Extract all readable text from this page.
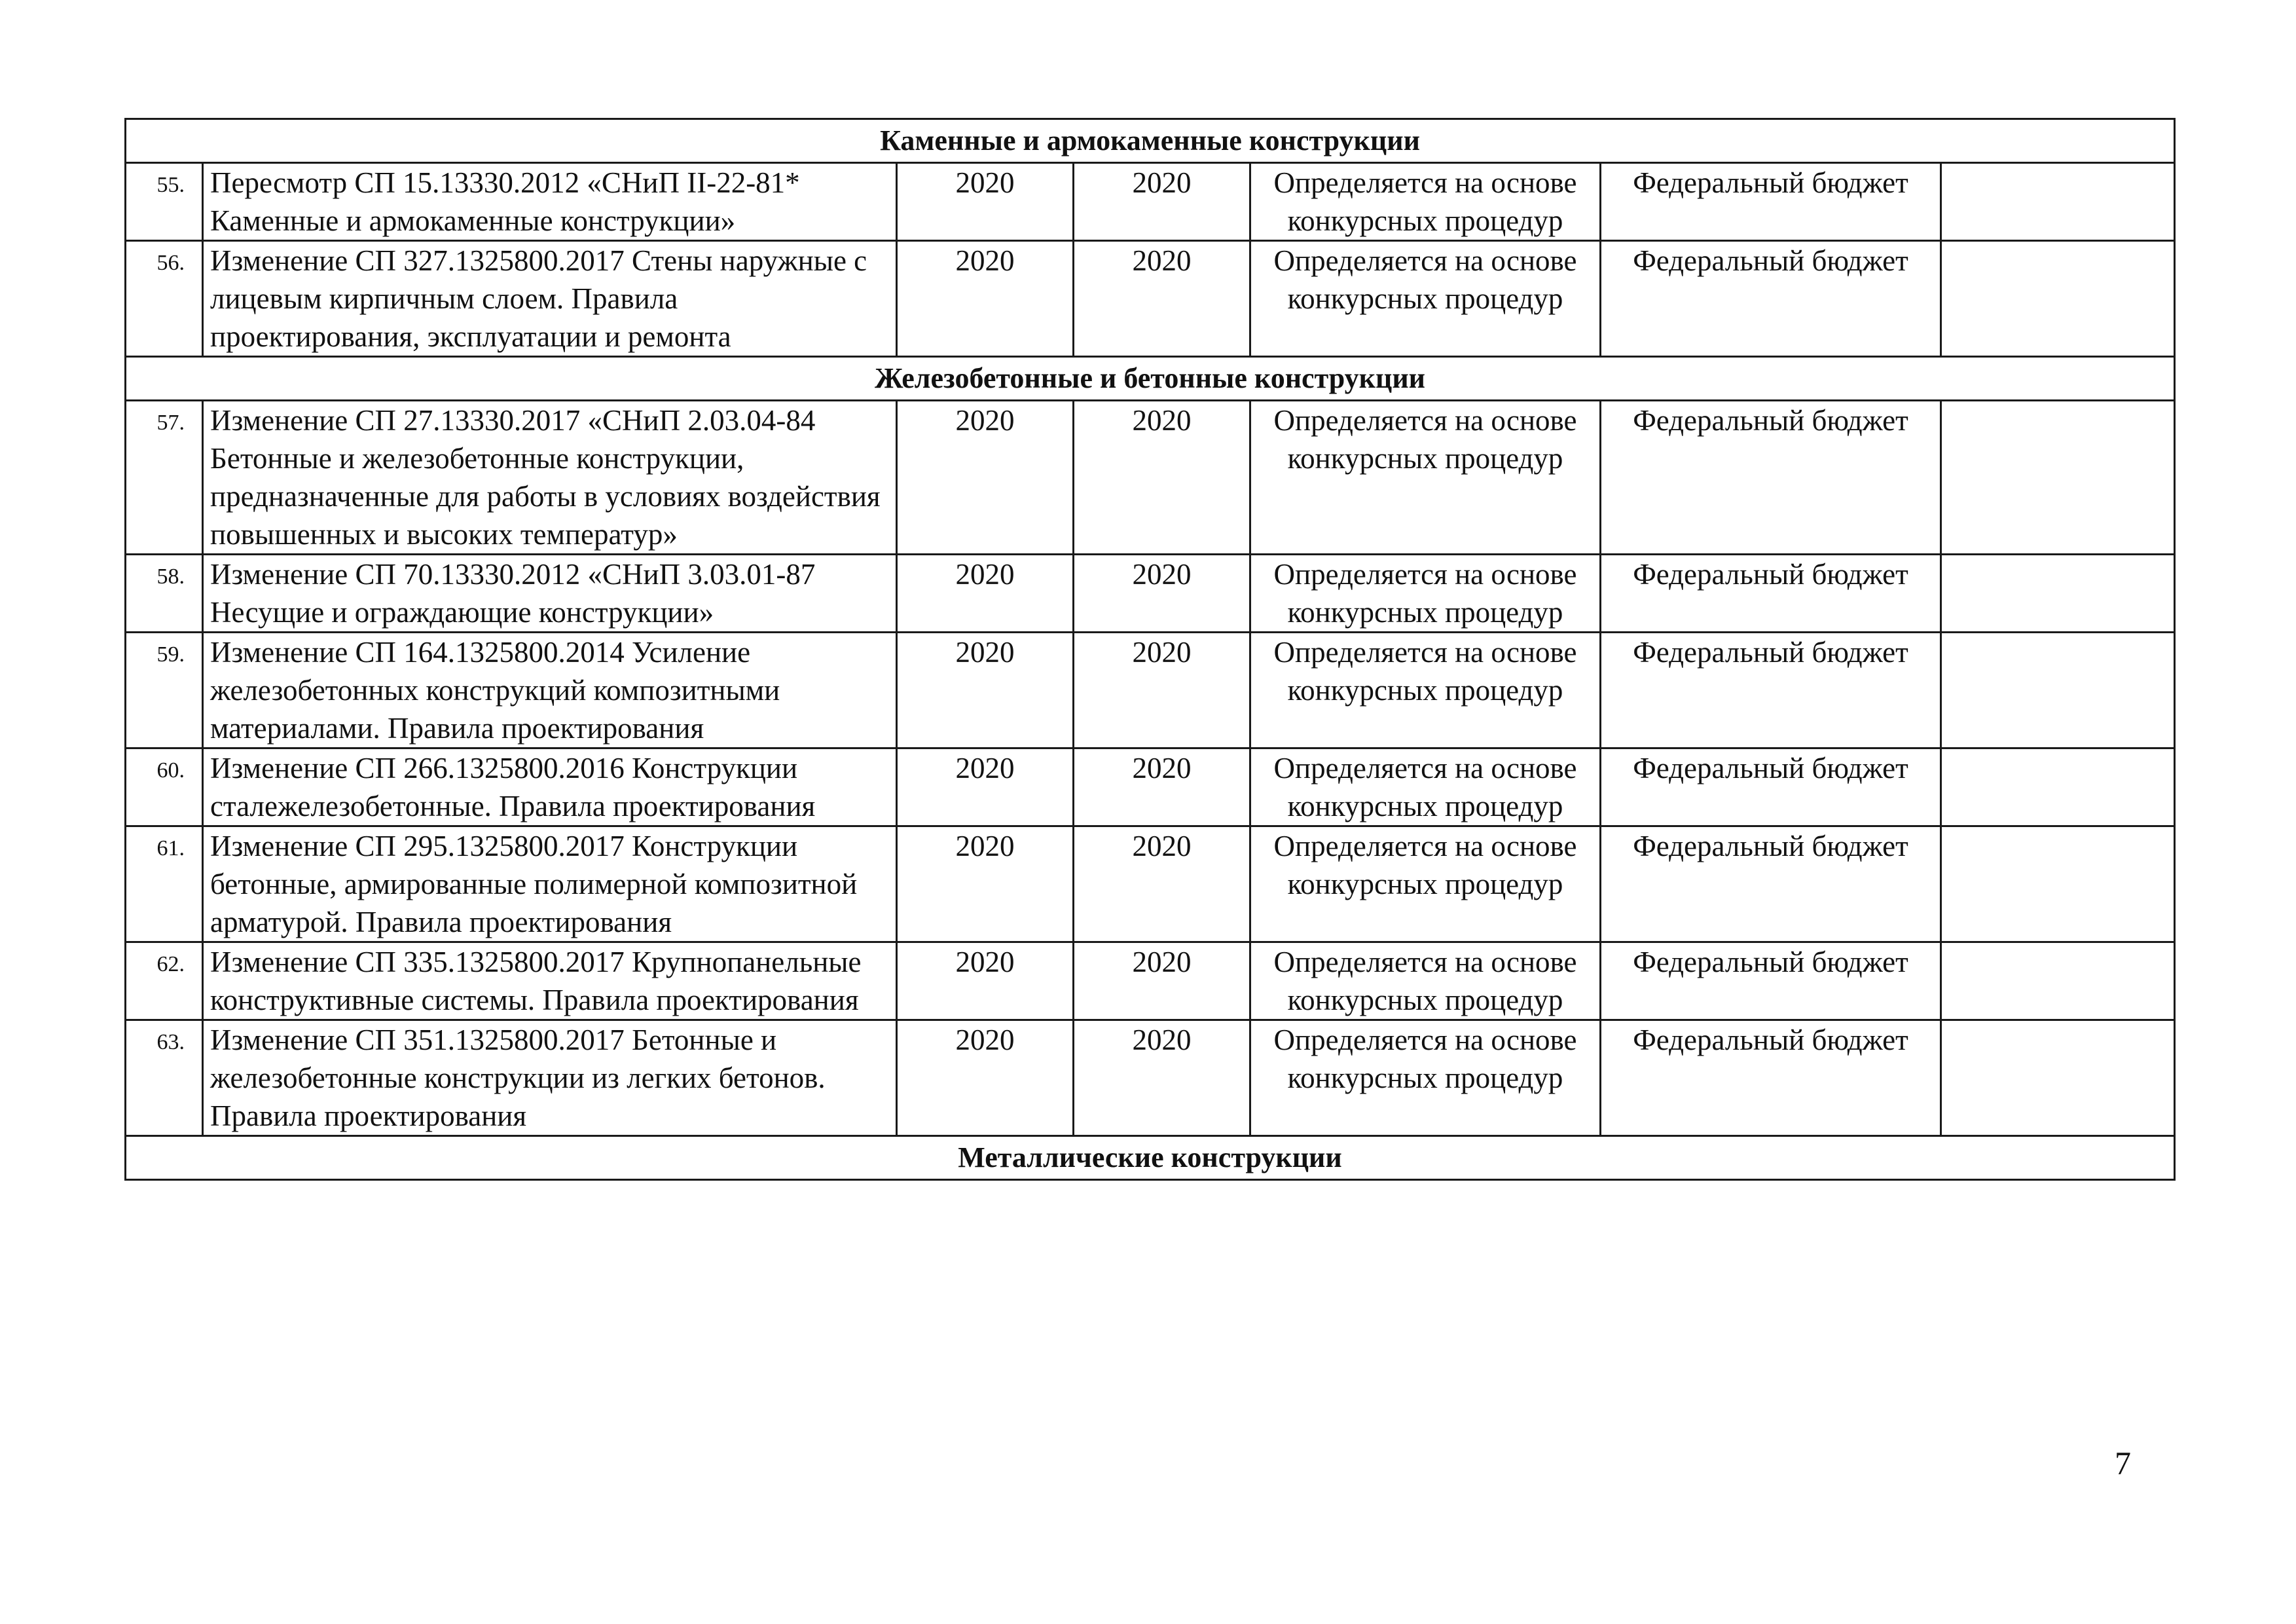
Каменные и армокаменные конструкции						
55.	Пересмотр СП 15.13330.2012 «СНиП II-22-81* Каменные и армокаменные конструкции»	2020	2020	Определяется на основе конкурсных процедур	Федеральный бюджет	
56.	Изменение СП 327.1325800.2017 Стены наружные с лицевым кирпичным слоем. Правила проектирования, эксплуатации и ремонта	2020	2020	Определяется на основе конкурсных процедур	Федеральный бюджет	
Железобетонные и бетонные конструкции						
57.	Изменение СП 27.13330.2017 «СНиП 2.03.04-84 Бетонные и железобетонные конструкции, предназначенные для работы в условиях воздействия повышенных и высоких температур»	2020	2020	Определяется на основе конкурсных процедур	Федеральный бюджет	
58.	Изменение СП 70.13330.2012 «СНиП 3.03.01-87 Несущие и ограждающие конструкции»	2020	2020	Определяется на основе конкурсных процедур	Федеральный бюджет	
59.	Изменение СП 164.1325800.2014 Усиление железобетонных конструкций композитными материалами. Правила проектирования	2020	2020	Определяется на основе конкурсных процедур	Федеральный бюджет	
60.	Изменение СП 266.1325800.2016 Конструкции сталежелезобетонные. Правила проектирования	2020	2020	Определяется на основе конкурсных процедур	Федеральный бюджет	
61.	Изменение СП 295.1325800.2017 Конструкции бетонные, армированные полимерной композитной арматурой. Правила проектирования	2020	2020	Определяется на основе конкурсных процедур	Федеральный бюджет	
62.	Изменение СП 335.1325800.2017 Крупнопанельные конструктивные системы. Правила проектирования	2020	2020	Определяется на основе конкурсных процедур	Федеральный бюджет	
63.	Изменение СП 351.1325800.2017 Бетонные и железобетонные конструкции из легких бетонов. Правила проектирования	2020	2020	Определяется на основе конкурсных процедур	Федеральный бюджет	
Металлические конструкции						
7
